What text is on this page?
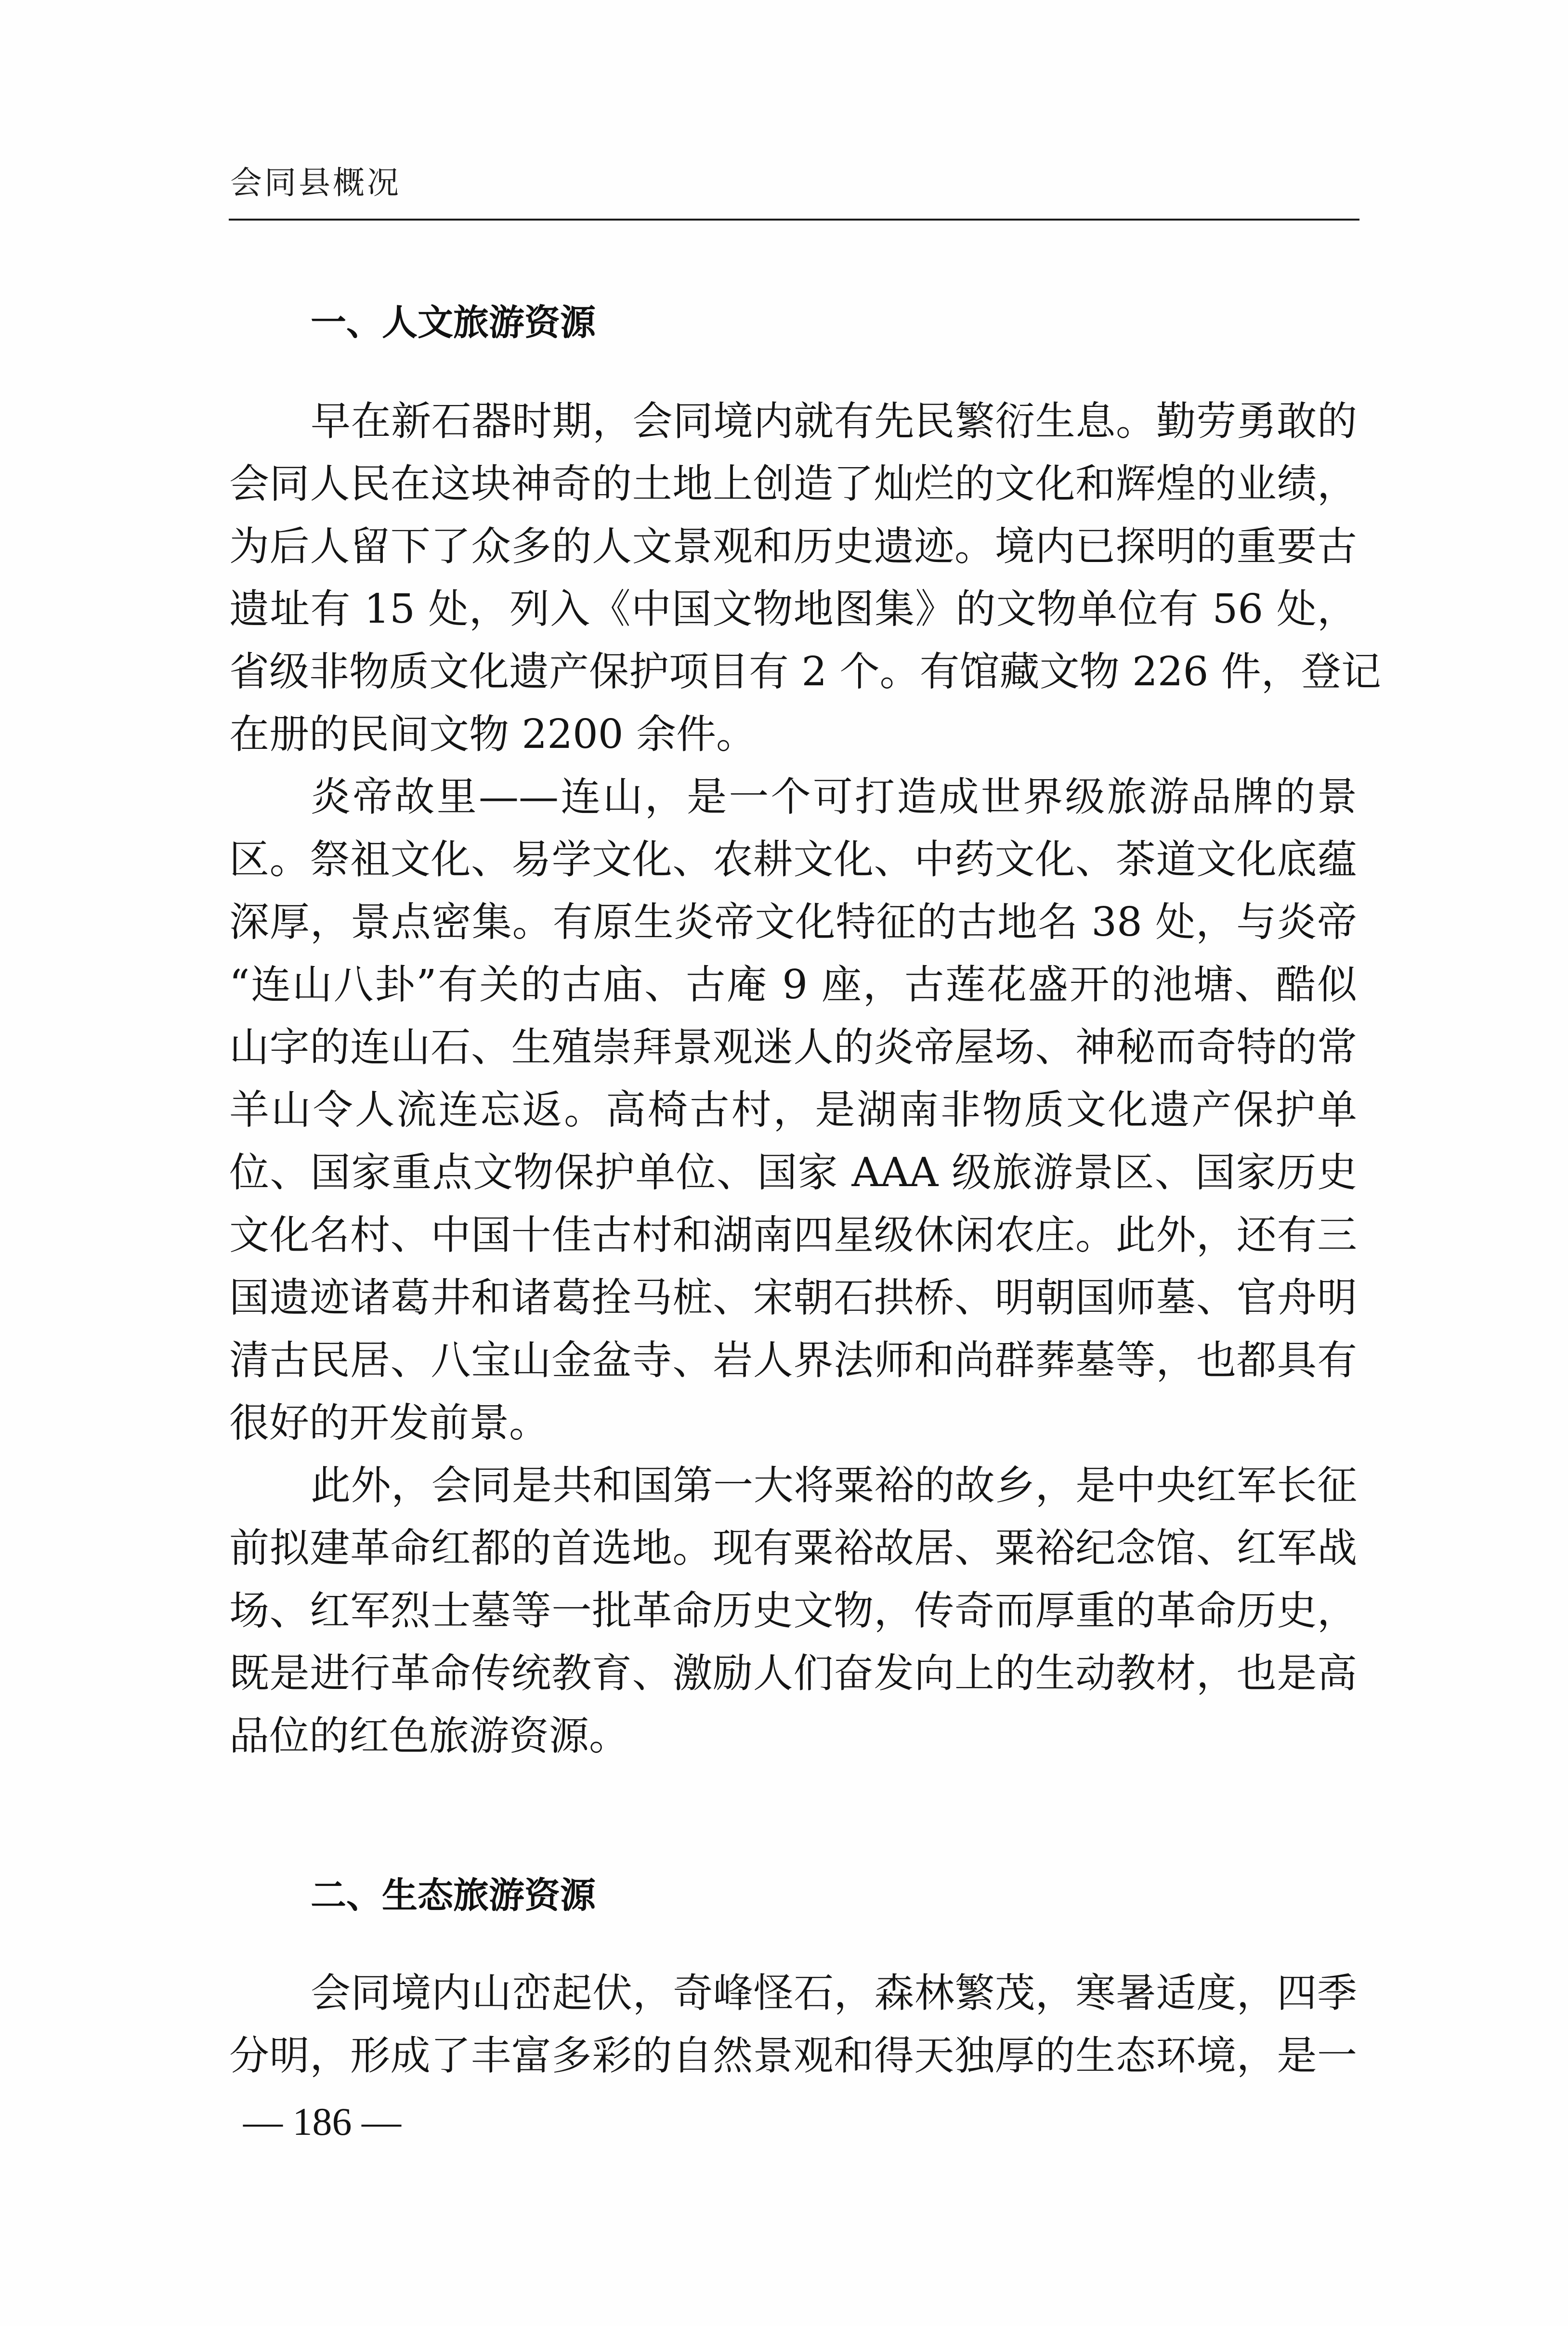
会同县概况
一、人文旅游资源
早在新石器时期，会同境内就有先民繁衍生息。勤劳勇敢的
会同人民在这块神奇的土地上创造了灿烂的文化和辉煌的业绩，
为后人留下了众多的人文景观和历史遗迹。境内已探明的重要古
遗址有 15 处，列入《中国文物地图集》的文物单位有 56 处，
省级非物质文化遗产保护项目有 2 个。有馆藏文物 226 件，登记
在册的民间文物 2200 余件。
炎帝故里——连山，是一个可打造成世界级旅游品牌的景
区。祭祖文化、易学文化、农耕文化、中药文化、茶道文化底蕴
深厚，景点密集。有原生炎帝文化特征的古地名 38 处，与炎帝
“连山八卦”有关的古庙、古庵 9 座，古莲花盛开的池塘、酷似
山字的连山石、生殖崇拜景观迷人的炎帝屋场、神秘而奇特的常
羊山令人流连忘返。高椅古村，是湖南非物质文化遗产保护单
位、国家重点文物保护单位、国家 AAA 级旅游景区、国家历史
文化名村、中国十佳古村和湖南四星级休闲农庄。此外，还有三
国遗迹诸葛井和诸葛拴马桩、宋朝石拱桥、明朝国师墓、官舟明
清古民居、八宝山金盆寺、岩人界法师和尚群葬墓等，也都具有
很好的开发前景。
此外，会同是共和国第一大将粟裕的故乡，是中央红军长征
前拟建革命红都的首选地。现有粟裕故居、粟裕纪念馆、红军战
场、红军烈士墓等一批革命历史文物，传奇而厚重的革命历史，
既是进行革命传统教育、激励人们奋发向上的生动教材，也是高
品位的红色旅游资源。
二、生态旅游资源
会同境内山峦起伏，奇峰怪石，森林繁茂，寒暑适度，四季
分明，形成了丰富多彩的自然景观和得天独厚的生态环境，是一
— 186 —
